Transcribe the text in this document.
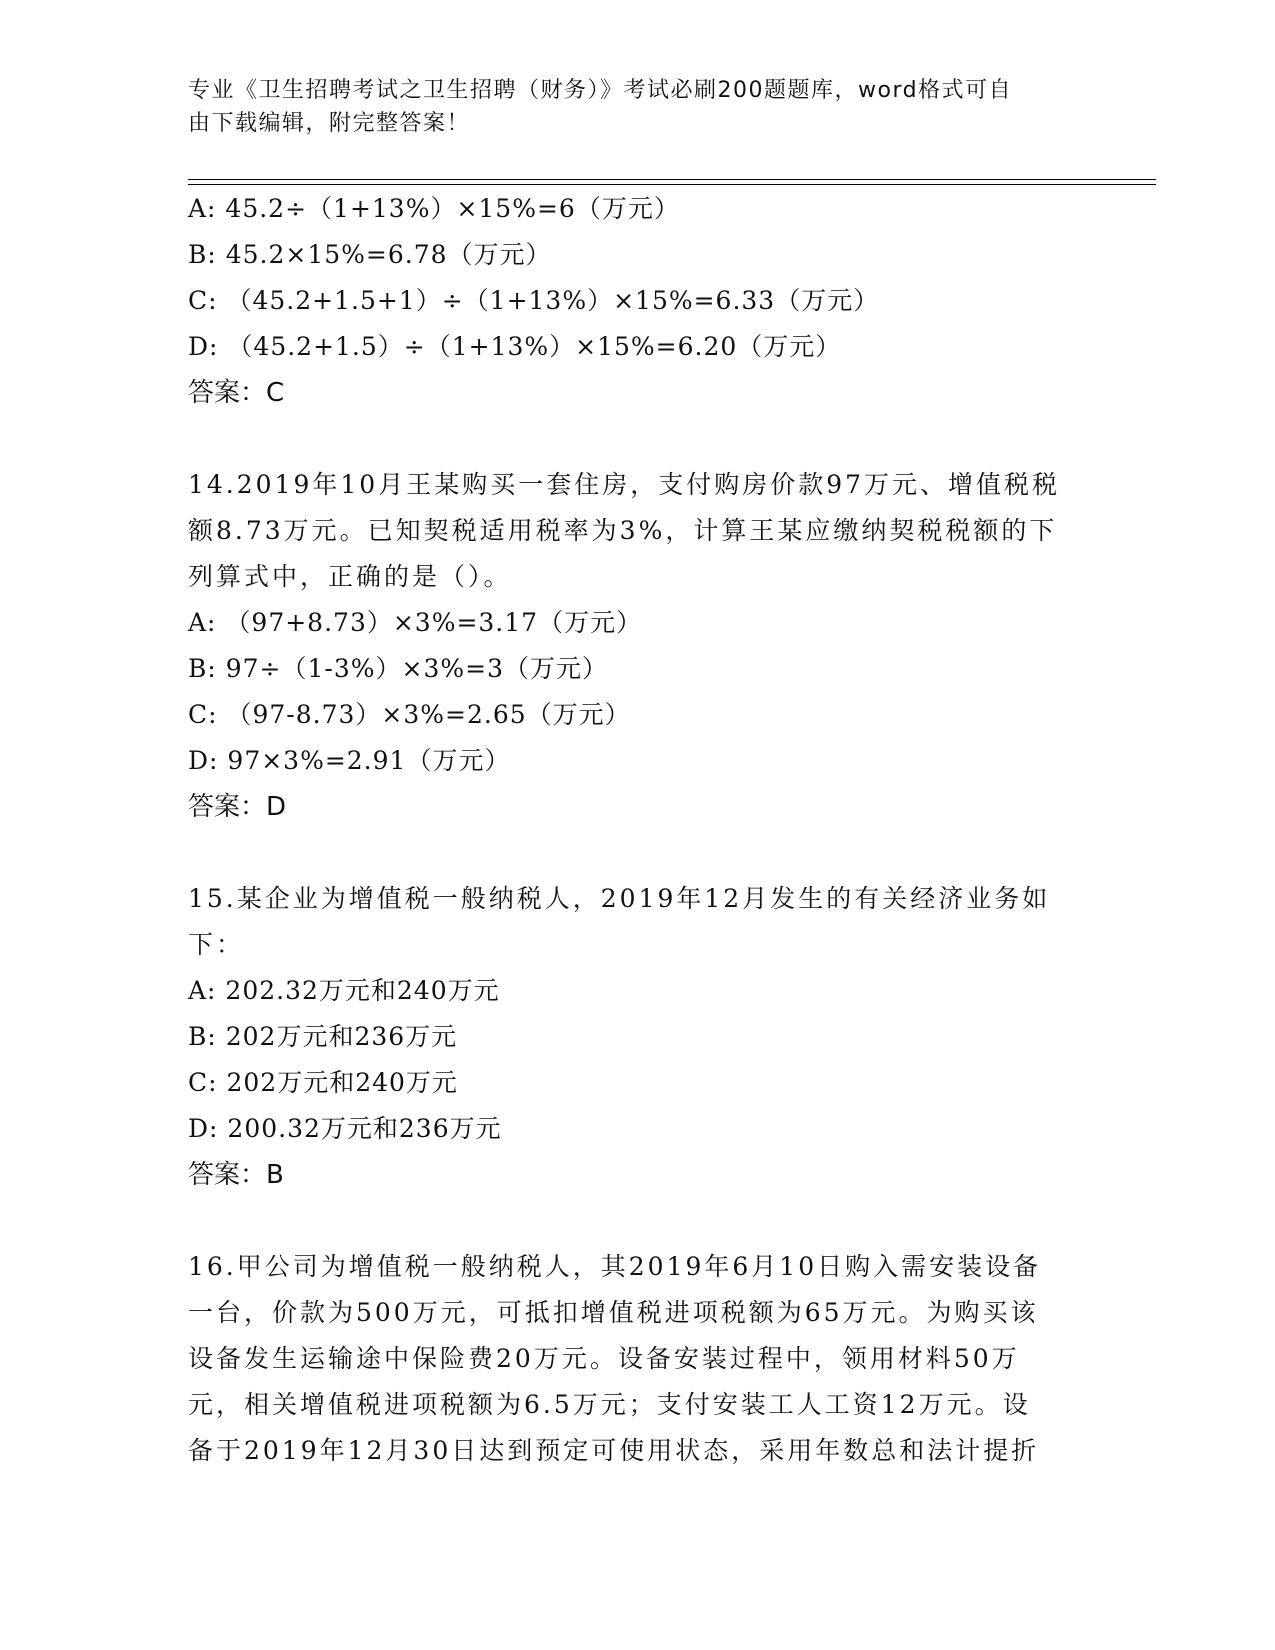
专业《卫生招聘考试之卫生招聘（财务）》考试必刷200题题库，word格式可自
由下载编辑，附完整答案！
A: 45.2÷（1+13%）×15%=6（万元）
B: 45.2×15%=6.78（万元）
C: （45.2+1.5+1）÷（1+13%）×15%=6.33（万元）
D: （45.2+1.5）÷（1+13%）×15%=6.20（万元）
答案：C
14.2019年10月王某购买一套住房，支付购房价款97万元、增值税税
额8.73万元。已知契税适用税率为3%，计算王某应缴纳契税税额的下
列算式中，正确的是（）。
A: （97+8.73）×3%=3.17（万元）
B: 97÷（1-3%）×3%=3（万元）
C: （97-8.73）×3%=2.65（万元）
D: 97×3%=2.91（万元）
答案：D
15.某企业为增值税一般纳税人，2019年12月发生的有关经济业务如
下：
A: 202.32万元和240万元
B: 202万元和236万元
C: 202万元和240万元
D: 200.32万元和236万元
答案：B
16.甲公司为增值税一般纳税人，其2019年6月10日购入需安装设备
一台，价款为500万元，可抵扣增值税进项税额为65万元。为购买该
设备发生运输途中保险费20万元。设备安装过程中，领用材料50万
元，相关增值税进项税额为6.5万元；支付安装工人工资12万元。设
备于2019年12月30日达到预定可使用状态，采用年数总和法计提折
